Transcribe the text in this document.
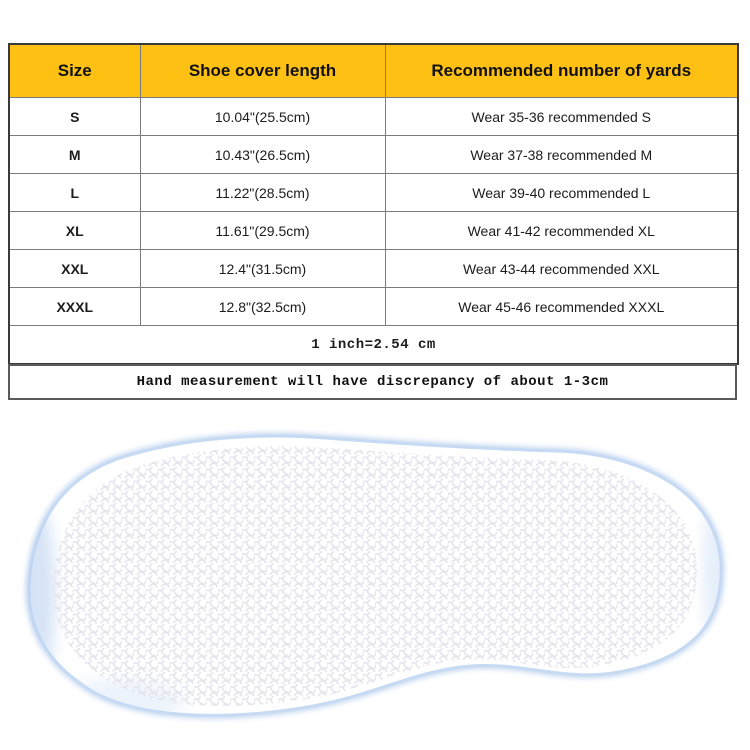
Size	Shoe cover length	Recommended number of yards
S	10.04"(25.5cm)	Wear 35-36 recommended S
M	10.43"(26.5cm)	Wear 37-38 recommended M
L	11.22"(28.5cm)	Wear 39-40 recommended L
XL	11.61"(29.5cm)	Wear 41-42 recommended XL
XXL	12.4"(31.5cm)	Wear 43-44 recommended XXL
XXXL	12.8"(32.5cm)	Wear 45-46 recommended XXXL
1 inch=2.54 cm		
Hand measurement will have discrepancy of about 1-3cm
